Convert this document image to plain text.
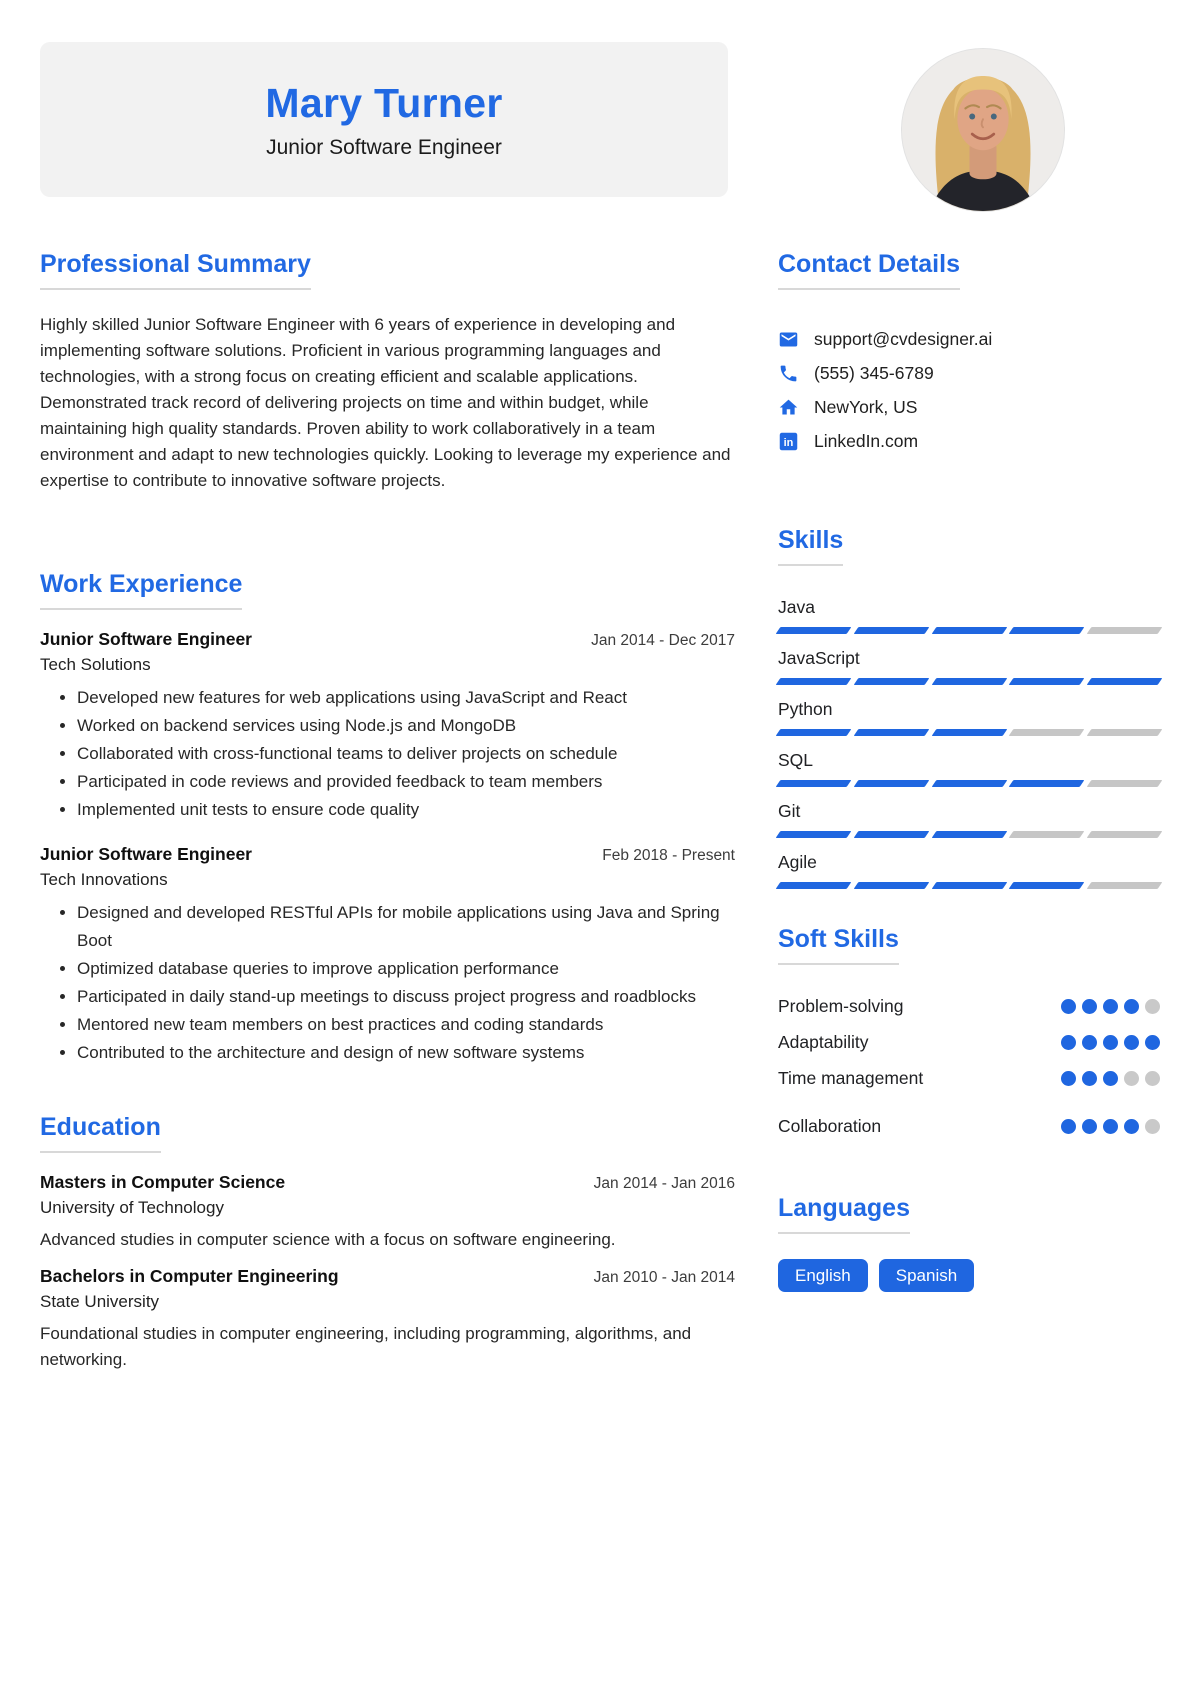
Mary Turner
Junior Software Engineer
Professional Summary

Highly skilled Junior Software Engineer with 6 years of experience in developing and implementing software solutions. Proficient in various programming languages and technologies, with a strong focus on creating efficient and scalable applications. Demonstrated track record of delivering projects on time and within budget, while maintaining high quality standards. Proven ability to work collaboratively in a team environment and adapt to new technologies quickly. Looking to leverage my experience and expertise to contribute to innovative software projects.

Work Experience
Junior Software Engineer	Jan 2014 - Dec 2017
Tech Solutions
• Developed new features for web applications using JavaScript and React
• Worked on backend services using Node.js and MongoDB
• Collaborated with cross-functional teams to deliver projects on schedule
• Participated in code reviews and provided feedback to team members
• Implemented unit tests to ensure code quality
Junior Software Engineer	Feb 2018 - Present
Tech Innovations
• Designed and developed RESTful APIs for mobile applications using Java and Spring Boot
• Optimized database queries to improve application performance
• Participated in daily stand-up meetings to discuss project progress and roadblocks
• Mentored new team members on best practices and coding standards
• Contributed to the architecture and design of new software systems
Education
Masters in Computer Science	Jan 2014 - Jan 2016
University of Technology

Advanced studies in computer science with a focus on software engineering.

Bachelors in Computer Engineering	Jan 2010 - Jan 2014
State University

Foundational studies in computer engineering, including programming, algorithms, and networking.

Contact Details
support@cvdesigner.ai
(555) 345-6789
NewYork, US
in LinkedIn.com
Skills
Java
JavaScript
Python
SQL
Git
Agile
Soft Skills
Problem-solving
Adaptability
Time management
Collaboration
Languages
English	Spanish
